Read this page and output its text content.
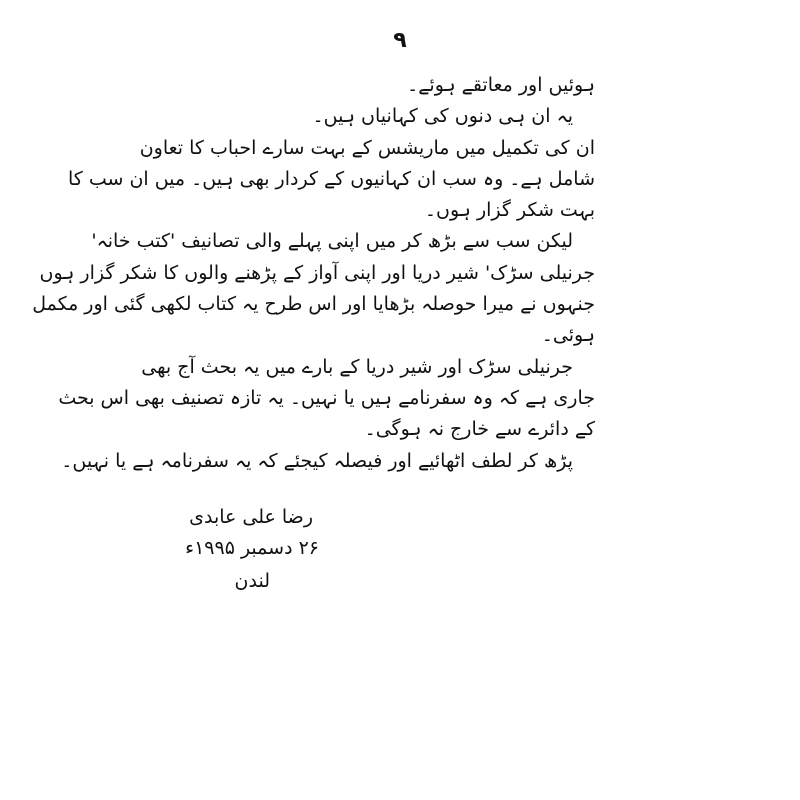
۹
ہوئیں اور معاتقے ہوئے۔
یہ ان ہی دنوں کی کہانیاں ہیں۔
ان کی تکمیل میں ماریشس کے بہت سارے احباب کا تعاون
شامل ہے۔ وہ سب ان کہانیوں کے کردار بھی ہیں۔ میں ان سب کا
بہت شکر گزار ہوں۔
لیکن سب سے بڑھ کر میں اپنی پہلے والی تصانیف 'کتب خانہ'
جرنیلی سڑک' شیر دریا اور اپنی آواز کے پڑھنے والوں کا شکر گزار ہوں
جنہوں نے میرا حوصلہ بڑھایا اور اس طرح یہ کتاب لکھی گئی اور مکمل
ہوئی۔
جرنیلی سڑک اور شیر دریا کے بارے میں یہ بحث آج بھی
جاری ہے کہ وہ سفرنامے ہیں یا نہیں۔ یہ تازہ تصنیف بھی اس بحث
کے دائرے سے خارج نہ ہوگی۔
پڑھ کر لطف اٹھائیے اور فیصلہ کیجئے کہ یہ سفرنامہ ہے یا نہیں۔
رضا علی عابدی
۲۶ دسمبر ۱۹۹۵ء
لندن
